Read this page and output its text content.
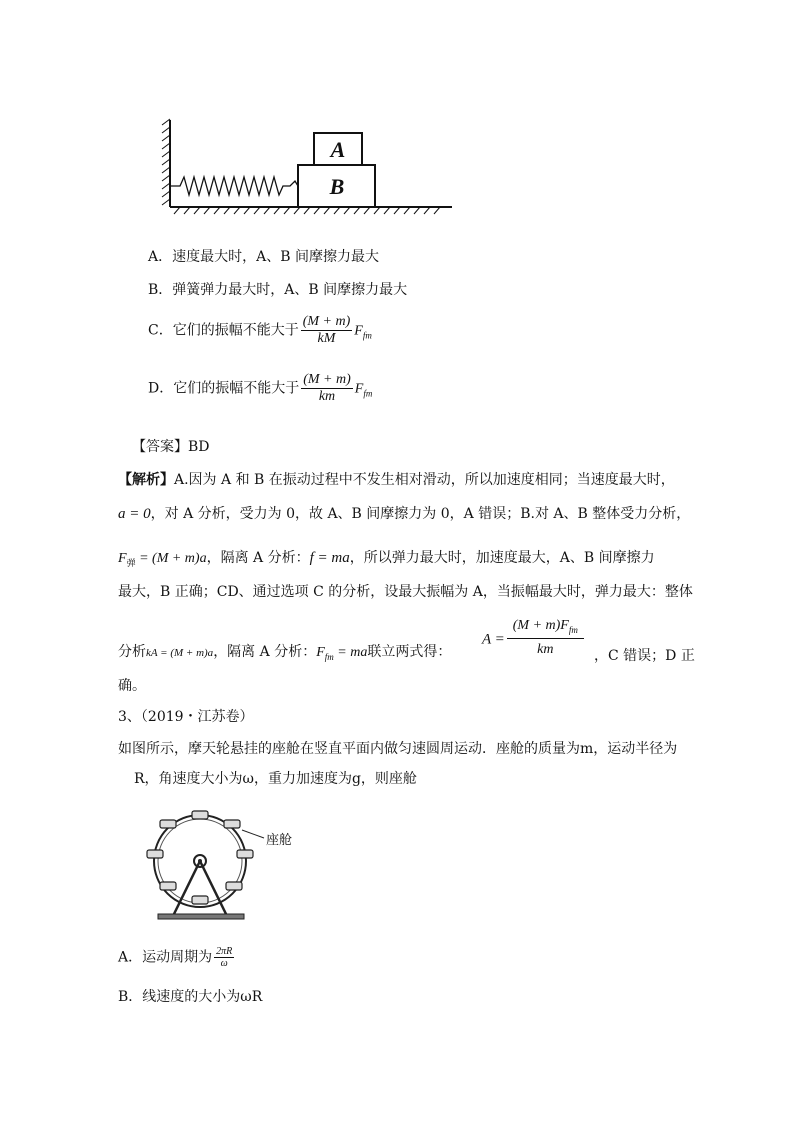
B
A
A．速度最大时，A、B 间摩擦力最大
B．弹簧弹力最大时，A、B 间摩擦力最大
C．它们的振幅不能大于 $\frac{(M + m)}{kM} F_{fm}$
D．它们的振幅不能大于 $\frac{(M + m)}{km} F_{fm}$
【答案】BD
【解析】A.因为 A 和 B 在振动过程中不发生相对滑动，所以加速度相同；当速度最大时，
a = 0，对 A 分析，受力为 0，故 A、B 间摩擦力为 0，A 错误；B.对 A、B 整体受力分析，
$F_弹 = (M + m)a$，隔离 A 分析：f = ma，所以弹力最大时，加速度最大，A、B 间摩擦力
最大，B 正确；CD、通过选项 C 的分析，设最大振幅为 A，当振幅最大时，弹力最大：整体
分析kA = (M + m)a，隔离 A 分析：$F_{fm}$ = ma联立两式得：
$A = \frac{(M + m)F_{fm}}{km}$ ，C 错误；D 正
确。
3、（2019・江苏卷）
如图所示，摩天轮悬挂的座舱在竖直平面内做匀速圆周运动．座舱的质量为m，运动半径为
R，角速度大小为ω，重力加速度为g，则座舱
座舱
A．运动周期为 $\frac{2\pi R}{\omega}$
B．线速度的大小为ωR
